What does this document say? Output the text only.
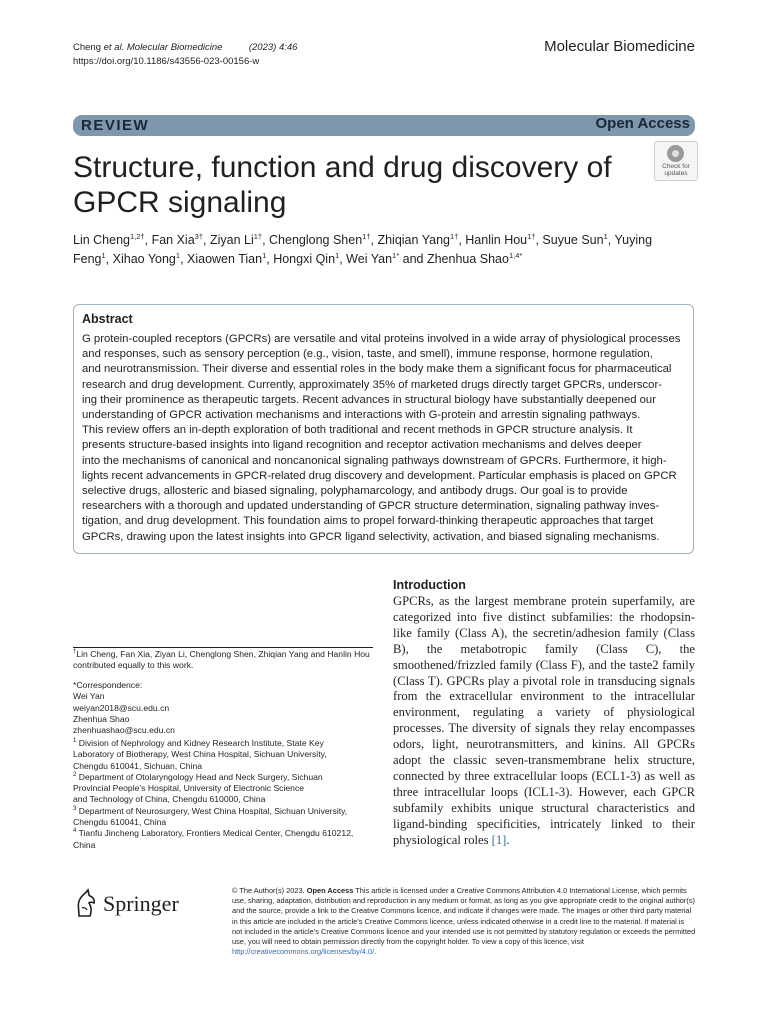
Cheng et al. Molecular Biomedicine	(2023) 4:46
https://doi.org/10.1186/s43556-023-00156-w
Molecular Biomedicine
REVIEW	Open Access
Structure, function and drug discovery of GPCR signaling
Check for
updates
Lin Cheng$^{1,2\dagger}$, Fan Xia$^{3\dagger}$, Ziyan $Li^{1\dagger}$, Chenglong Shen$^{1\dagger}$, Zhiqian Yang$^{1\dagger}$, Hanlin Hou$^{1\dagger}$, Suyue Sun$^1$, Yuying Feng$^1$, Xihao Yong$^1$, Xiaowen Tian$^1$, Hongxi Qin$^1$, Wei Yan$^{1*}$ and Zhenhua Shao$^{1,4*}$
Abstract
G protein-coupled receptors (GPCRs) are versatile and vital proteins involved in a wide array of physiological processes
and responses, such as sensory perception (e.g., vision, taste, and smell), immune response, hormone regulation,
and neurotransmission. Their diverse and essential roles in the body make them a significant focus for pharmaceutical
research and drug development. Currently, approximately 35% of marketed drugs directly target GPCRs, underscor-
ing their prominence as therapeutic targets. Recent advances in structural biology have substantially deepened our
understanding of GPCR activation mechanisms and interactions with G-protein and arrestin signaling pathways.
This review offers an in-depth exploration of both traditional and recent methods in GPCR structure analysis. It
presents structure-based insights into ligand recognition and receptor activation mechanisms and delves deeper
into the mechanisms of canonical and noncanonical signaling pathways downstream of GPCRs. Furthermore, it high-
lights recent advancements in GPCR-related drug discovery and development. Particular emphasis is placed on GPCR
selective drugs, allosteric and biased signaling, polyphamarcology, and antibody drugs. Our goal is to provide
researchers with a thorough and updated understanding of GPCR structure determination, signaling pathway inves-
tigation, and drug development. This foundation aims to propel forward-thinking therapeutic approaches that target
GPCRs, drawing upon the latest insights into GPCR ligand selectivity, activation, and biased signaling mechanisms.
†Lin Cheng, Fan Xia, Ziyan Li, Chenglong Shen, Zhiqian Yang and Hanlin Hou
contributed equally to this work.
*Correspondence:
Wei Yan
weiyan2018@scu.edu.cn
Zhenhua Shao
zhenhuashao@scu.edu.cn
$^1$ Division of Nephrology and Kidney Research Institute, State Key
Laboratory of Biotherapy, West China Hospital, Sichuan University,
Chengdu 610041, Sichuan, China
$^2$ Department of Otolaryngology Head and Neck Surgery, Sichuan
Provincial People’s Hospital, University of Electronic Science
and Technology of China, Chengdu 610000, China
$^3$ Department of Neurosurgery, West China Hospital, Sichuan University,
Chengdu 610041, China
$^4$ Tianfu Jincheng Laboratory, Frontiers Medical Center, Chengdu 610212,
China
Introduction

GPCRs, as the largest membrane protein superfamily, are categorized into five distinct subfamilies: the rhodopsin-like family (Class A), the secretin/adhesion family (Class B), the metabotropic family (Class C), the smoothened/frizzled family (Class F), and the taste2 family (Class T). GPCRs play a pivotal role in transducing signals from the extracellular environment to the intracellular environment, regulating a variety of physiological processes. The diversity of signals they relay encompasses odors, light, neurotransmitters, and kinins. All GPCRs adopt the classic seven-transmembrane helix structure, connected by three extracellular loops (ECL1-3) as well as three intracellular loops (ICL1-3). However, each GPCR subfamily exhibits unique structural characteristics and ligand-binding specificities, intricately linked to their physiological roles [1].

Springer
© The Author(s) 2023. Open Access This article is licensed under a Creative Commons Attribution 4.0 International License, which permits use, sharing, adaptation, distribution and reproduction in any medium or format, as long as you give appropriate credit to the original author(s) and the source, provide a link to the Creative Commons licence, and indicate if changes were made. The images or other third party material in this article are included in the article’s Creative Commons licence, unless indicated otherwise in a credit line to the material. If material is not included in the article’s Creative Commons licence and your intended use is not permitted by statutory regulation or exceeds the permitted use, you will need to obtain permission directly from the copyright holder. To view a copy of this licence, visit http://creativecommons.org/licenses/by/4.0/.
